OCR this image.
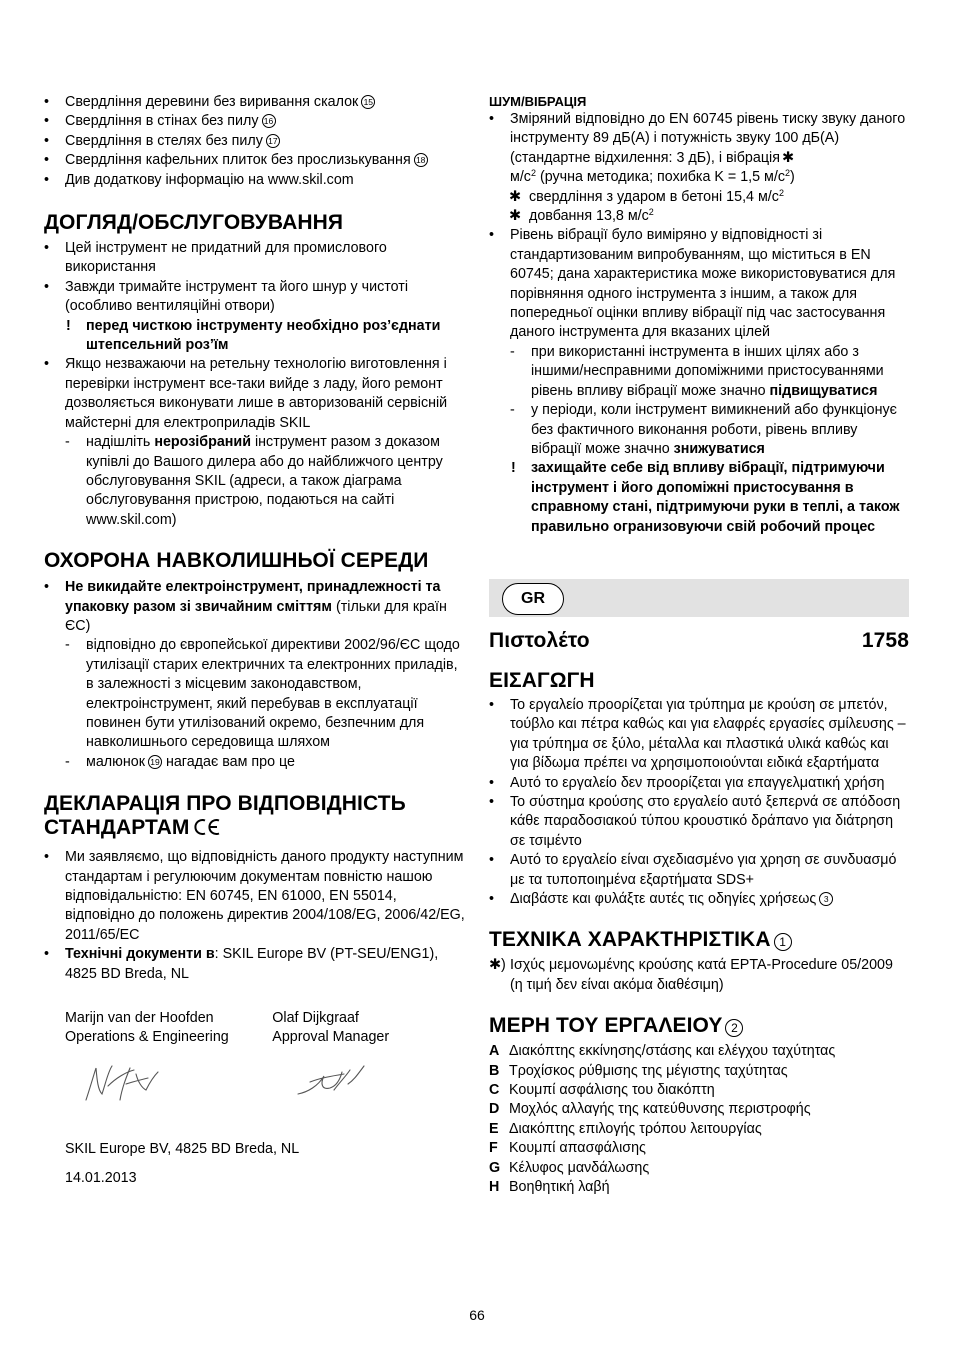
• Свердління деревини без виривання скалок 15

• Свердління в стінах без пилу 16

• Свердління в стелях без пилу 17

• Свердління кафельних плиток без прослизькування 18

• Див додаткову інформацію на www.skil.com

ДОГЛЯД/ОБСЛУГОВУВАННЯ

• Цей інструмент не придатний для промислового використання

• Завжди тримайте інструмент та його шнур у чистоті (особливо вентиляційні отвори)

! перед чисткою інструменту необхідно роз’єднати штепсельний роз’їм

• Якщо незважаючи на ретельну технологію виготовлення і перевірки інструмент все-таки вийде з ладу, його ремонт дозволяється виконувати лише в авторизованій сервісній майстерні для електроприладів SKIL

- надішліть нерозібраний інструмент разом з доказом купівлі до Вашого дилера або до найближчого центру обслуговування SKIL (адреси, а також діаграма обслуговування пристрою, подаються на сайті www.skil.com)

ОХОРОНА НАВКОЛИШНЬОЇ СЕРЕДИ

• Не викидайте електроінструмент, принадлежності та упаковку разом зі звичайним сміттям (тільки для країн ЄС)

- відповідно до європейської директиви 2002/96/ЄС щодо утилізації старих електричних та електронних приладів, в залежності з місцевим законодавством, електроінструмент, який перебував в експлуатації повинен бути утилізований окремо, безпечним для навколишнього середовища шляхом

- малюнок 19 нагадає вам про це

ДЕКЛАРАЦІЯ ПРО ВІДПОВІДНІСТЬ
СТАНДАРТАМ

• Ми заявляємо, що відповідність даного продукту наступним стандартам і регулюючим документам повністю нашою відповідальністю: EN 60745, EN 61000, EN 55014, відповідно до положень директив 2004/108/EG, 2006/42/EG, 2011/65/EC

• Технічні документи в: SKIL Europe BV (PT-SEU/ENG1), 4825 BD Breda, NL

Marijn van der Hoofden

Operations & Engineering

Olaf Dijkgraaf

Approval Manager

SKIL Europe BV, 4825 BD Breda, NL

14.01.2013

ШУМ/ВІБРАЦІЯ

• Зміряний відповідно до EN 60745 рівень тиску звуку даного інструменту 89 дБ(A) і потужність звуку 100 дБ(A) (стандартне відхилення: 3 дБ), і вібрація ✱
$м/с^2$ (ручна методика; похибка K = 1,5 $м/с^2$)

✱ свердління з ударом в бетоні 15,4 $м/с^2$

✱ довбання 13,8 $м/с^2$

• Рівень вібрації було виміряно у відповідності зі стандартизованим випробуванням, що міститься в EN 60745; дана характеристика може використовуватися для порівняння одного інструмента з іншим, а також для попередньої оцінки впливу вібрації під час застосування даного інструмента для вказаних цілей

- при використанні інструмента в інших цілях або з іншими/несправними допоміжними пристосуваннями рівень впливу вібрації може значно підвищуватися

- у періоди, коли інструмент вимикнений або функціонує без фактичного виконання роботи, рівень впливу вібрації може значно знижуватися

! захищайте себе від впливу вібрації, підтримуючи інструмент і його допоміжні пристосування в справному стані, підтримуючи руки в теплі, а також правильно огранизовуючи свій робочий процес

GR
Πιστολέτο	1758
ΕΙΣΑΓΩΓΗ

• Το εργαλείο προορίζεται για τρύπημα με κρούση σε μπετόν, τούβλο και πέτρα καθώς και για ελαφρές εργασίες σμίλευσης – για τρύπημα σε ξύλο, μέταλλα και πλαστικά υλικά καθώς και για βίδωμα πρέπει να χρησιμοποιούνται ειδικά εξαρτήματα

• Αυτό το εργαλείο δεν προορίζεται για επαγγελματική χρήση

• Το σύστημα κρούσης στο εργαλείο αυτό ξεπερνά σε απόδοση κάθε παραδοσιακού τύπου κρουστικό δράπανο για διάτρηση σε τσιμέντο

• Αυτό το εργαλείο είναι σχεδιασμένο για χρηση σε συνδυασμό με τα τυποποιημένα εξαρτήματα SDS+

• Διαβάστε και φυλάξτε αυτές τις οδηγίες χρήσεως 3

ΤΕΧΝΙΚΑ ΧΑΡΑΚΤΗΡΙΣΤΙΚΑ 1

✱) Ισχύς μεμονωμένης κρούσης κατά EPTA-Procedure 05/2009 (η τιμή δεν είναι ακόμα διαθέσιμη)

ΜΕΡΗ ΤΟΥ ΕΡΓΑΛΕΙΟΥ 2

A Διακόπτης εκκίνησης/στάσης και ελέγχου ταχύτητας

B Τροχίσκος ρύθμισης της μέγιστης ταχύτητας

C Κουμπί ασφάλισης του διακόπτη

D Μοχλός αλλαγής της κατεύθυνσης περιστροφής

E Διακόπτης επιλογής τρόπου λειτουργίας

F Κουμπί απασφάλισης

G Κέλυφος μανδάλωσης

H Βοηθητική λαβή

66
